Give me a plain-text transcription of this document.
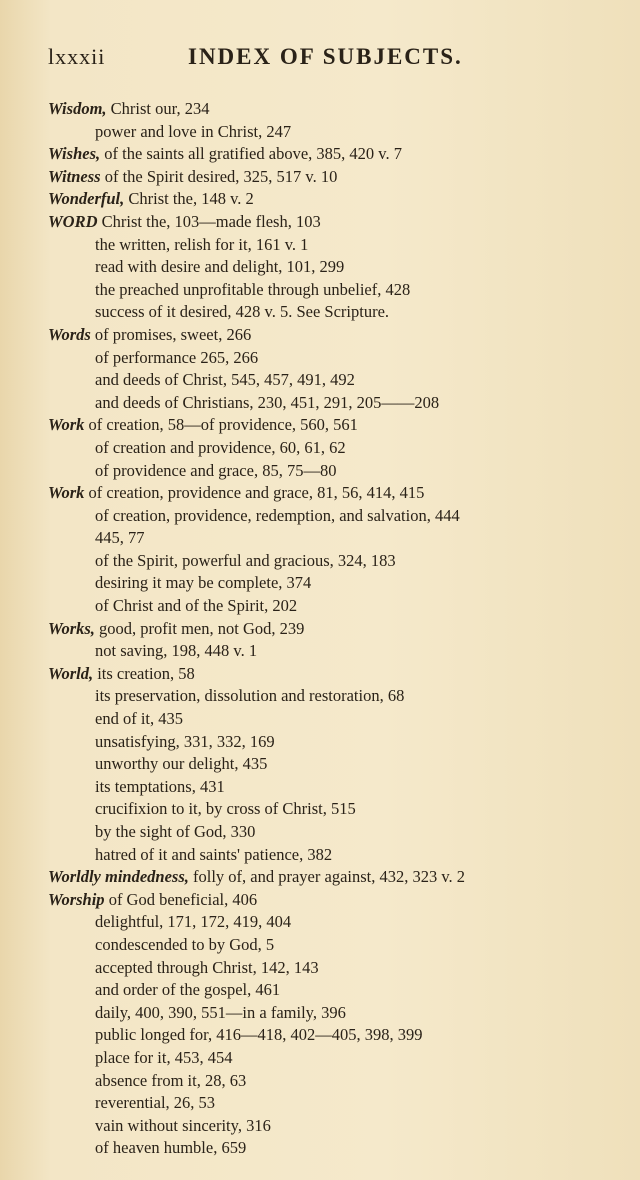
lxxxii	INDEX OF SUBJECTS.
Wisdom, Christ our, 234
power and love in Christ, 247
Wishes, of the saints all gratified above, 385, 420 v. 7
Witness of the Spirit desired, 325, 517 v. 10
Wonderful, Christ the, 148 v. 2
WORD Christ the, 103—made flesh, 103
the written, relish for it, 161 v. 1
read with desire and delight, 101, 299
the preached unprofitable through unbelief, 428
success of it desired, 428 v. 5. See Scripture.
Words of promises, sweet, 266
of performance 265, 266
and deeds of Christ, 545, 457, 491, 492
and deeds of Christians, 230, 451, 291, 205——208
Work of creation, 58—of providence, 560, 561
of creation and providence, 60, 61, 62
of providence and grace, 85, 75—80
Work of creation, providence and grace, 81, 56, 414, 415
of creation, providence, redemption, and salvation, 444
445, 77
of the Spirit, powerful and gracious, 324, 183
desiring it may be complete, 374
of Christ and of the Spirit, 202
Works, good, profit men, not God, 239
not saving, 198, 448 v. 1
World, its creation, 58
its preservation, dissolution and restoration, 68
end of it, 435
unsatisfying, 331, 332, 169
unworthy our delight, 435
its temptations, 431
crucifixion to it, by cross of Christ, 515
by the sight of God, 330
hatred of it and saints' patience, 382
Worldly mindedness, folly of, and prayer against, 432, 323 v. 2
Worship of God beneficial, 406
delightful, 171, 172, 419, 404
condescended to by God, 5
accepted through Christ, 142, 143
and order of the gospel, 461
daily, 400, 390, 551—in a family, 396
public longed for, 416—418, 402—405, 398, 399
place for it, 453, 454
absence from it, 28, 63
reverential, 26, 53
vain without sincerity, 316
of heaven humble, 659
